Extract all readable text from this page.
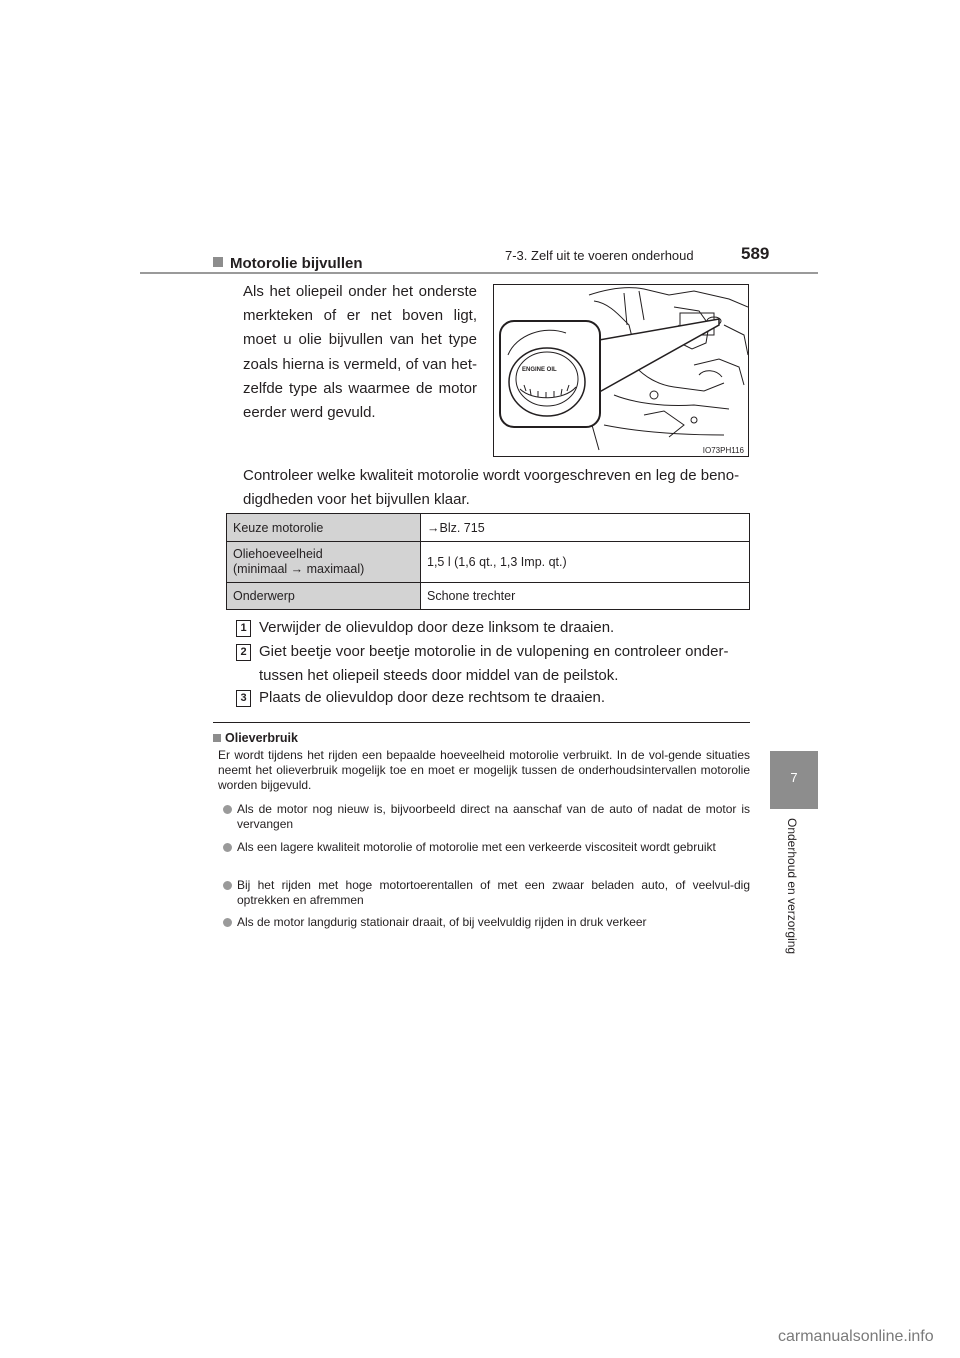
7-3. Zelf uit te voeren onderhoud	589
7
Onderhoud en verzorging
Motorolie bijvullen
Als het oliepeil onder het onderste merkteken of er net boven ligt, moet u olie bijvullen van het type zoals hierna is vermeld, of van het-zelfde type als waarmee de motor eerder werd gevuld.
ENGINE OIL
IO73PH116
Controleer welke kwaliteit motorolie wordt voorgeschreven en leg de beno-digdheden voor het bijvullen klaar.
Keuze motorolie	→Blz. 715
Oliehoeveelheid
(minimaal → maximaal)	1,5 l (1,6 qt., 1,3 Imp. qt.)
Onderwerp	Schone trechter
1 Verwijder de olievuldop door deze linksom te draaien.
2 Giet beetje voor beetje motorolie in de vulopening en controleer onder-tussen het oliepeil steeds door middel van de peilstok.
3 Plaats de olievuldop door deze rechtsom te draaien.
Olieverbruik
Er wordt tijdens het rijden een bepaalde hoeveelheid motorolie verbruikt. In de vol-gende situaties neemt het olieverbruik mogelijk toe en moet er mogelijk tussen de onderhoudsintervallen motorolie worden bijgevuld.
Als de motor nog nieuw is, bijvoorbeeld direct na aanschaf van de auto of nadat de motor is vervangen
Als een lagere kwaliteit motorolie of motorolie met een verkeerde viscositeit wordt gebruikt
Bij het rijden met hoge motortoerentallen of met een zwaar beladen auto, of veelvul-dig optrekken en afremmen
Als de motor langdurig stationair draait, of bij veelvuldig rijden in druk verkeer
carmanualsonline.info
